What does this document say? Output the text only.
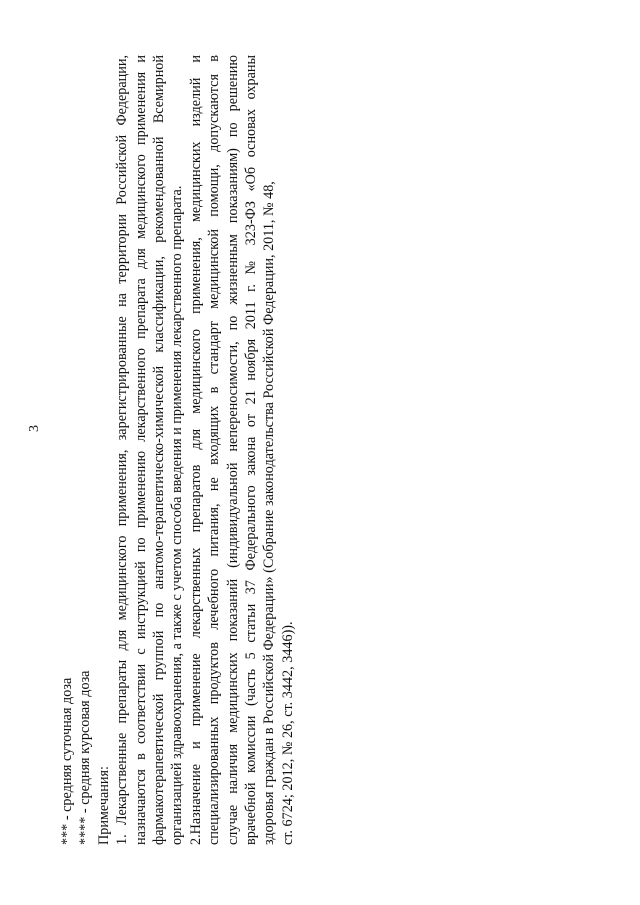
3
*** - средняя суточная доза **** - средняя курсовая доза Примечания: 1. Лекарственные препараты для медицинского применения, зарегистрированные на территории Российской Федерации, назначаются в соответствии с инструкцией по применению лекарственного препарата для медицинского применения и фармакотерапевтической группой по анатомо-терапевтическо-химической классификации, рекомендованной Всемирной организацией здравоохранения, а также с учетом способа введения и применения лекарственного препарата. 2.Назначение и применение лекарственных препаратов для медицинского применения, медицинских изделий и специализированных продуктов лечебного питания, не входящих в стандарт медицинской помощи, допускаются в случае наличия медицинских показаний (индивидуальной непереносимости, по жизненным показаниям) по решению врачебной комиссии (часть 5 статьи 37 Федерального закона от 21 ноября 2011 г. № 323-ФЗ «Об основах охраны здоровья граждан в Российской Федерации» (Собрание законодательства Российской Федерации, 2011, № 48, ст. 6724; 2012, № 26, ст. 3442, 3446)).
